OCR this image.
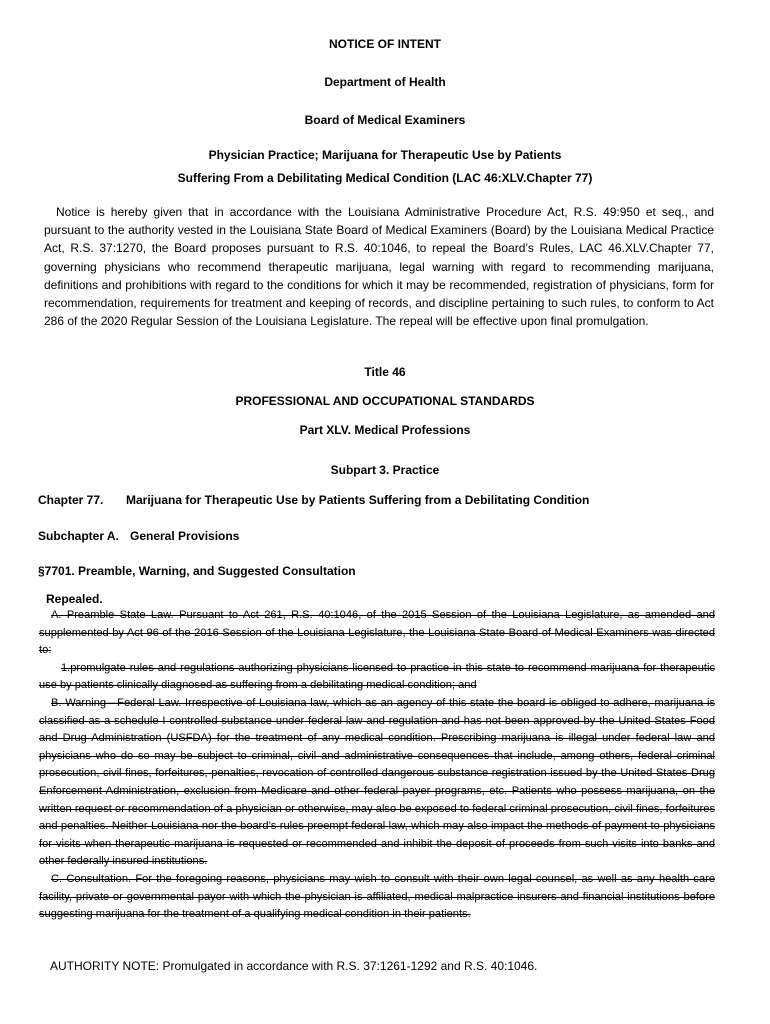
NOTICE OF INTENT
Department of Health
Board of Medical Examiners
Physician Practice; Marijuana for Therapeutic Use by Patients
Suffering From a Debilitating Medical Condition (LAC 46:XLV.Chapter 77)
Notice is hereby given that in accordance with the Louisiana Administrative Procedure Act, R.S. 49:950 et seq., and pursuant to the authority vested in the Louisiana State Board of Medical Examiners (Board) by the Louisiana Medical Practice Act, R.S. 37:1270, the Board proposes pursuant to R.S. 40:1046, to repeal the Board’s Rules, LAC 46.XLV.Chapter 77, governing physicians who recommend therapeutic marijuana, legal warning with regard to recommending marijuana, definitions and prohibitions with regard to the conditions for which it may be recommended, registration of physicians, form for recommendation, requirements for treatment and keeping of records, and discipline pertaining to such rules, to conform to Act 286 of the 2020 Regular Session of the Louisiana Legislature. The repeal will be effective upon final promulgation.
Title 46
PROFESSIONAL AND OCCUPATIONAL STANDARDS
Part XLV. Medical Professions
Subpart 3. Practice
Chapter 77. Marijuana for Therapeutic Use by Patients Suffering from a Debilitating Condition
Subchapter A. General Provisions
§7701. Preamble, Warning, and Suggested Consultation
Repealed.

A. Preamble State Law. Pursuant to Act 261, R.S. 40:1046, of the 2015 Session of the Louisiana Legislature, as amended and supplemented by Act 96 of the 2016 Session of the Louisiana Legislature, the Louisiana State Board of Medical Examiners was directed to:

1.promulgate rules and regulations authorizing physicians licensed to practice in this state to recommend marijuana for therapeutic use by patients clinically diagnosed as suffering from a debilitating medical condition; and

B. Warning—Federal Law. Irrespective of Louisiana law, which as an agency of this state the board is obliged to adhere, marijuana is classified as a schedule I controlled substance under federal law and regulation and has not been approved by the United States Food and Drug Administration (USFDA) for the treatment of any medical condition. Prescribing marijuana is illegal under federal law and physicians who do so may be subject to criminal, civil and administrative consequences that include, among others, federal criminal prosecution, civil fines, forfeitures, penalties, revocation of controlled dangerous substance registration issued by the United States Drug Enforcement Administration, exclusion from Medicare and other federal payer programs, etc. Patients who possess marijuana, on the written request or recommendation of a physician or otherwise, may also be exposed to federal criminal prosecution, civil fines, forfeitures and penalties. Neither Louisiana nor the board’s rules preempt federal law, which may also impact the methods of payment to physicians for visits when therapeutic marijuana is requested or recommended and inhibit the deposit of proceeds from such visits into banks and other federally insured institutions.

C. Consultation. For the foregoing reasons, physicians may wish to consult with their own legal counsel, as well as any health care facility, private or governmental payor with which the physician is affiliated, medical malpractice insurers and financial institutions before suggesting marijuana for the treatment of a qualifying medical condition in their patients.

AUTHORITY NOTE: Promulgated in accordance with R.S. 37:1261-1292 and R.S. 40:1046.
